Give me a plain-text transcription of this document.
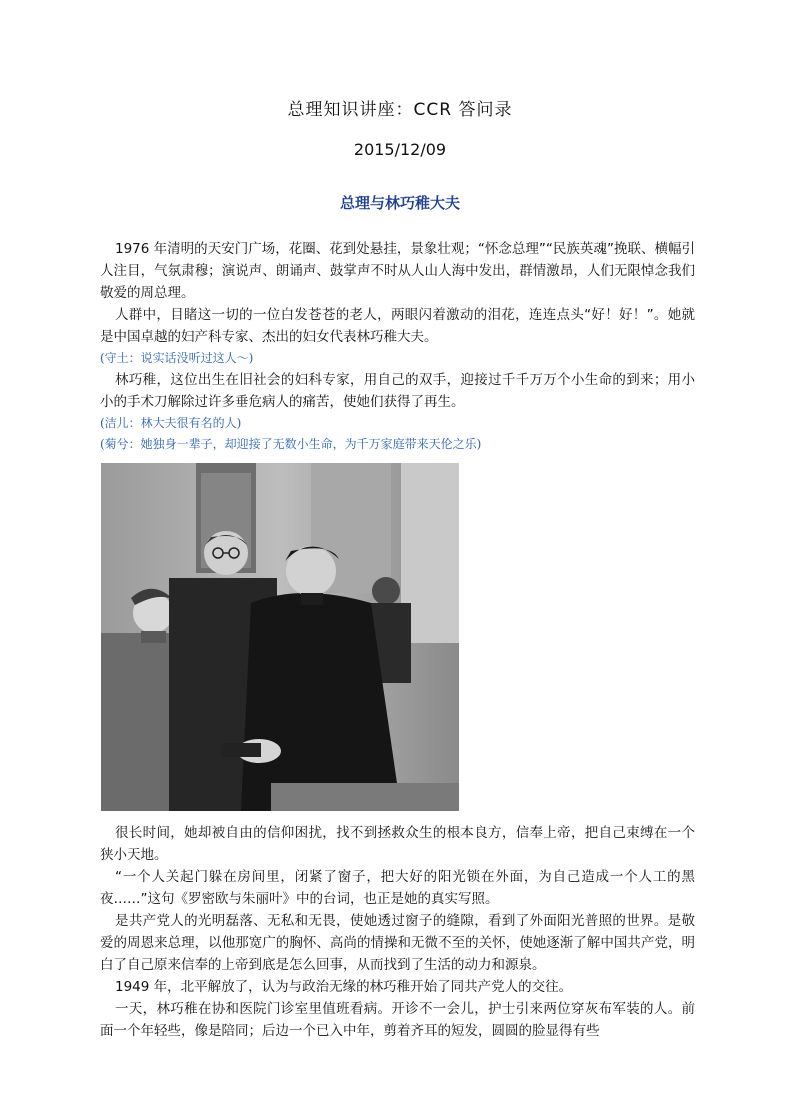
总理知识讲座：CCR 答问录
2015/12/09
总理与林巧稚大夫

1976 年清明的天安门广场，花圈、花到处悬挂，景象壮观；“怀念总理”“民族英魂”挽联、横幅引人注目，气氛肃穆；演说声、朗诵声、鼓掌声不时从人山人海中发出，群情激昂，人们无限悼念我们敬爱的周总理。

人群中，目睹这一切的一位白发苍苍的老人，两眼闪着激动的泪花，连连点头“好！好！”。她就是中国卓越的妇产科专家、杰出的妇女代表林巧稚大夫。

(守土：说实话没听过这人～)

林巧稚，这位出生在旧社会的妇科专家，用自己的双手，迎接过千千万万个小生命的到来；用小小的手术刀解除过许多垂危病人的痛苦，使她们获得了再生。

(洁儿：林大夫很有名的人)
(菊兮：她独身一辈子，却迎接了无数小生命，为千万家庭带来天伦之乐)

很长时间，她却被自由的信仰困扰，找不到拯救众生的根本良方，信奉上帝，把自己束缚在一个狭小天地。

“一个人关起门躲在房间里，闭紧了窗子，把大好的阳光锁在外面，为自己造成一个人工的黑夜……”这句《罗密欧与朱丽叶》中的台词，也正是她的真实写照。

是共产党人的光明磊落、无私和无畏，使她透过窗子的缝隙，看到了外面阳光普照的世界。是敬爱的周恩来总理，以他那宽广的胸怀、高尚的情操和无微不至的关怀，使她逐渐了解中国共产党，明白了自己原来信奉的上帝到底是怎么回事，从而找到了生活的动力和源泉。

1949 年，北平解放了，认为与政治无缘的林巧稚开始了同共产党人的交往。

一天，林巧稚在协和医院门诊室里值班看病。开诊不一会儿，护士引来两位穿灰布军装的人。前面一个年轻些，像是陪同；后边一个已入中年，剪着齐耳的短发，圆圆的脸显得有些
